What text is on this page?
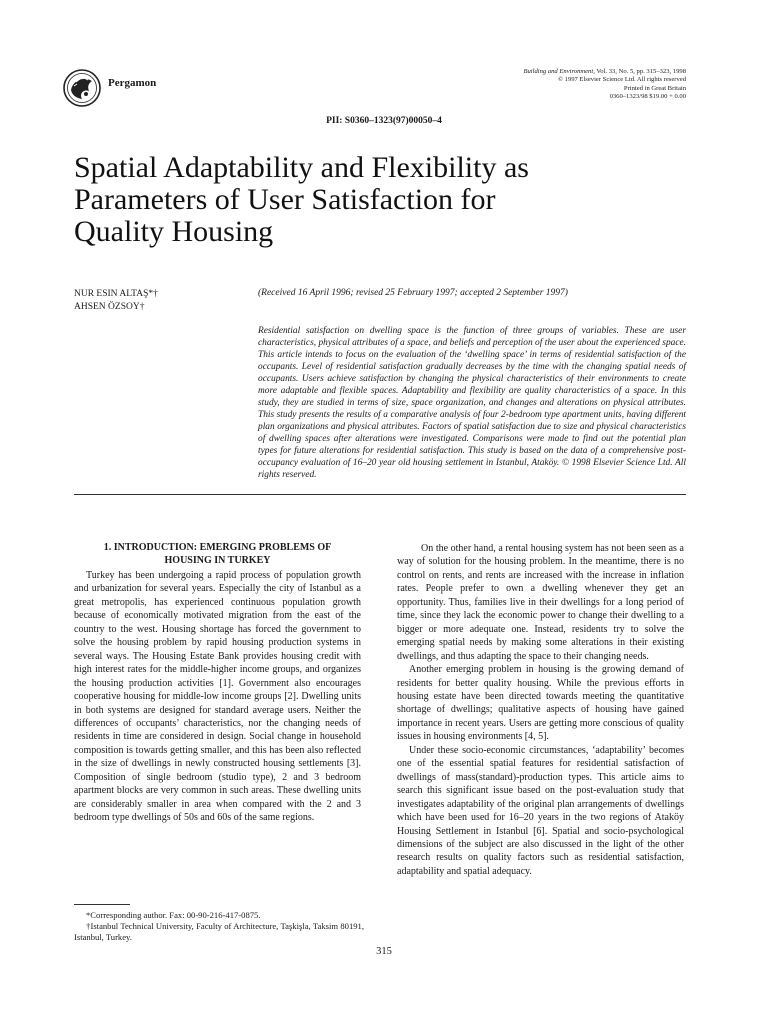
Pergamon
Building and Environment, Vol. 33, No. 5, pp. 315–323, 1998
© 1997 Elsevier Science Ltd. All rights reserved
Printed in Great Britain
0360–1323/98 $19.00 + 0.00
PII: S0360–1323(97)00050–4
Spatial Adaptability and Flexibility as
Parameters of User Satisfaction for
Quality Housing
NUR ESIN ALTAŞ*†
AHSEN ÖZSOY†
(Received 16 April 1996; revised 25 February 1997; accepted 2 September 1997)

Residential satisfaction on dwelling space is the function of three groups of variables. These are user characteristics, physical attributes of a space, and beliefs and perception of the user about the experienced space. This article intends to focus on the evaluation of the ‘dwelling space’ in terms of residential satisfaction of the occupants. Level of residential satisfaction gradually decreases by the time with the changing spatial needs of occupants. Users achieve satisfaction by changing the physical characteristics of their environments to create more adaptable and flexible spaces. Adaptability and flexibility are quality characteristics of a space. In this study, they are studied in terms of size, space organization, and changes and alterations on physical attributes. This study presents the results of a comparative analysis of four 2-bedroom type apartment units, having different plan organizations and physical attributes. Factors of spatial satisfaction due to size and physical characteristics of dwelling spaces after alterations were investigated. Comparisons were made to find out the potential plan types for future alterations for residential satisfaction. This study is based on the data of a comprehensive post-occupancy evaluation of 16–20 year old housing settlement in Istanbul, Ataköy. © 1998 Elsevier Science Ltd. All rights reserved.

1. INTRODUCTION: EMERGING PROBLEMS OF
HOUSING IN TURKEY

Turkey has been undergoing a rapid process of population growth and urbanization for several years. Especially the city of Istanbul as a great metropolis, has experienced continuous population growth because of economically motivated migration from the east of the country to the west. Housing shortage has forced the government to solve the housing problem by rapid housing production systems in several ways. The Housing Estate Bank provides housing credit with high interest rates for the middle-higher income groups, and organizes the housing production activities [1]. Government also encourages cooperative housing for middle-low income groups [2]. Dwelling units in both systems are designed for standard average users. Neither the differences of occupants’ characteristics, nor the changing needs of residents in time are considered in design. Social change in household composition is towards getting smaller, and this has been also reflected in the size of dwellings in newly constructed housing settlements [3]. Composition of single bedroom (studio type), 2 and 3 bedroom apartment blocks are very common in such areas. These dwelling units are considerably smaller in area when compared with the 2 and 3 bedroom type dwellings of 50s and 60s of the same regions.

On the other hand, a rental housing system has not been seen as a way of solution for the housing problem. In the meantime, there is no control on rents, and rents are increased with the increase in inflation rates. People prefer to own a dwelling whenever they get an opportunity. Thus, families live in their dwellings for a long period of time, since they lack the economic power to change their dwelling to a bigger or more adequate one. Instead, residents try to solve the emerging spatial needs by making some alterations in their existing dwellings, and thus adapting the space to their changing needs.

Another emerging problem in housing is the growing demand of residents for better quality housing. While the previous efforts in housing estate have been directed towards meeting the quantitative shortage of dwellings; qualitative aspects of housing have gained importance in recent years. Users are getting more conscious of quality issues in housing environments [4, 5].

Under these socio-economic circumstances, ‘adaptability’ becomes one of the essential spatial features for residential satisfaction of dwellings of mass(standard)-production types. This article aims to search this significant issue based on the post-evaluation study that investigates adaptability of the original plan arrangements of dwellings which have been used for 16–20 years in the two regions of Ataköy Housing Settlement in Istanbul [6]. Spatial and socio-psychological dimensions of the subject are also discussed in the light of the other research results on quality factors such as residential satisfaction, adaptability and spatial adequacy.

*Corresponding author. Fax: 00-90-216-417-0875.

†Istanbul Technical University, Faculty of Architecture, Taşkişla, Taksim 80191, Istanbul, Turkey.

315
